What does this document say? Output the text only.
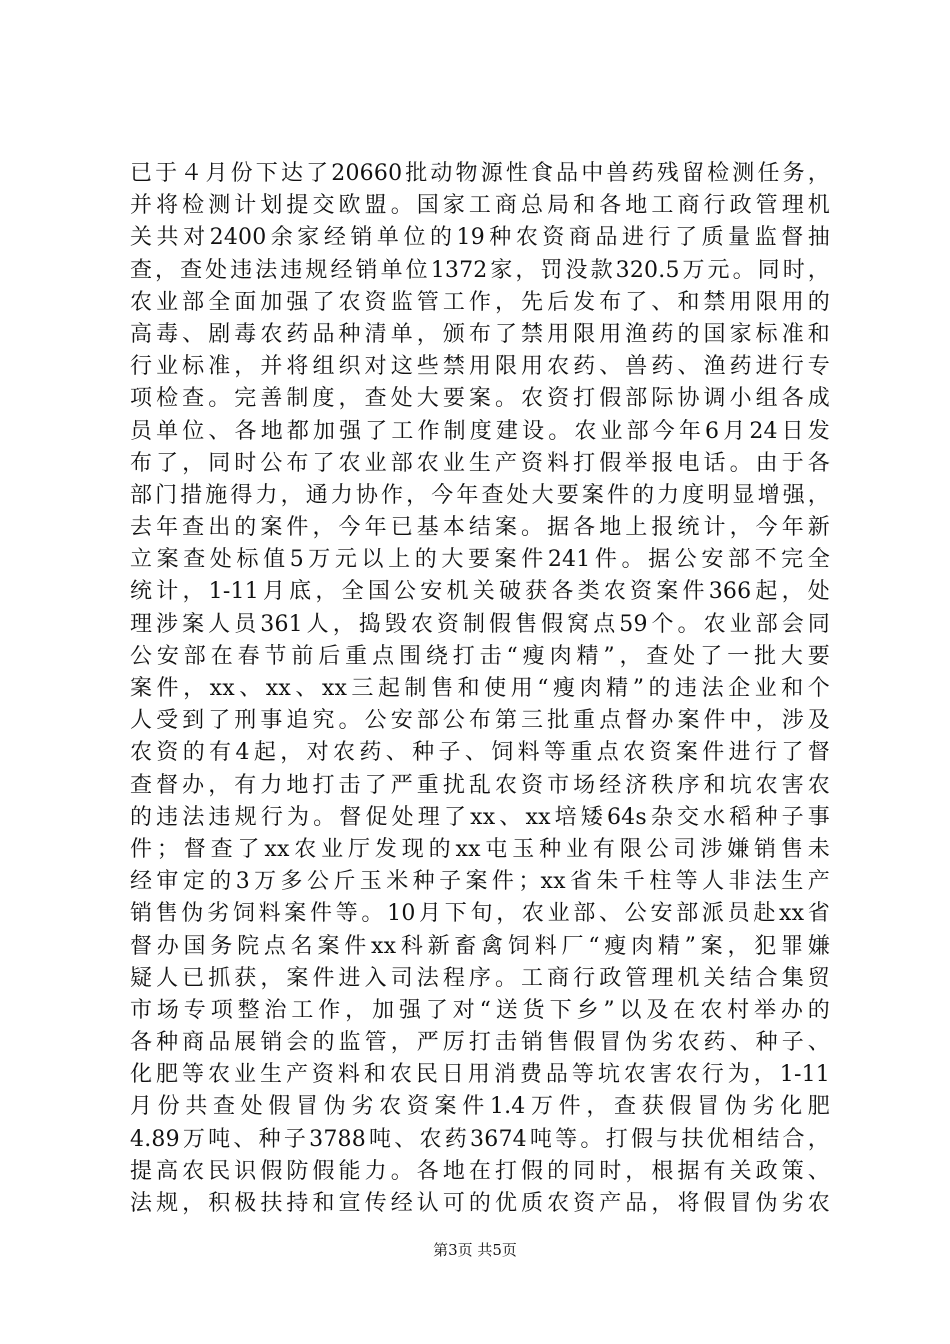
已于４月份下达了20660批动物源性食品中兽药残留检测任务，
并将检测计划提交欧盟。国家工商总局和各地工商行政管理机
关共对2400余家经销单位的19种农资商品进行了质量监督抽
查，查处违法违规经销单位1372家，罚没款320.5万元。同时，
农业部全面加强了农资监管工作，先后发布了、和禁用限用的
高毒、剧毒农药品种清单，颁布了禁用限用渔药的国家标准和
行业标准，并将组织对这些禁用限用农药、兽药、渔药进行专
项检查。完善制度，查处大要案。农资打假部际协调小组各成
员单位、各地都加强了工作制度建设。农业部今年6月24日发
布了，同时公布了农业部农业生产资料打假举报电话。由于各
部门措施得力，通力协作，今年查处大要案件的力度明显增强，
去年查出的案件，今年已基本结案。据各地上报统计，今年新
立案查处标值5万元以上的大要案件241件。据公安部不完全
统计，1-11月底，全国公安机关破获各类农资案件366起，处
理涉案人员361人，捣毁农资制假售假窝点59个。农业部会同
公安部在春节前后重点围绕打击“瘦肉精”，查处了一批大要
案件，xx、xx、xx三起制售和使用“瘦肉精”的违法企业和个
人受到了刑事追究。公安部公布第三批重点督办案件中，涉及
农资的有4起，对农药、种子、饲料等重点农资案件进行了督
查督办，有力地打击了严重扰乱农资市场经济秩序和坑农害农
的违法违规行为。督促处理了xx、xx培矮64s杂交水稻种子事
件；督查了xx农业厅发现的xx屯玉种业有限公司涉嫌销售未
经审定的3万多公斤玉米种子案件；xx省朱千柱等人非法生产
销售伪劣饲料案件等。10月下旬，农业部、公安部派员赴xx省
督办国务院点名案件xx科新畜禽饲料厂“瘦肉精”案，犯罪嫌
疑人已抓获，案件进入司法程序。工商行政管理机关结合集贸
市场专项整治工作，加强了对“送货下乡”以及在农村举办的
各种商品展销会的监管，严厉打击销售假冒伪劣农药、种子、
化肥等农业生产资料和农民日用消费品等坑农害农行为，1-11
月份共查处假冒伪劣农资案件1.4万件，查获假冒伪劣化肥
4.89万吨、种子3788吨、农药3674吨等。打假与扶优相结合，
提高农民识假防假能力。各地在打假的同时，根据有关政策、
法规，积极扶持和宣传经认可的优质农资产品，将假冒伪劣农
第3页 共5页
